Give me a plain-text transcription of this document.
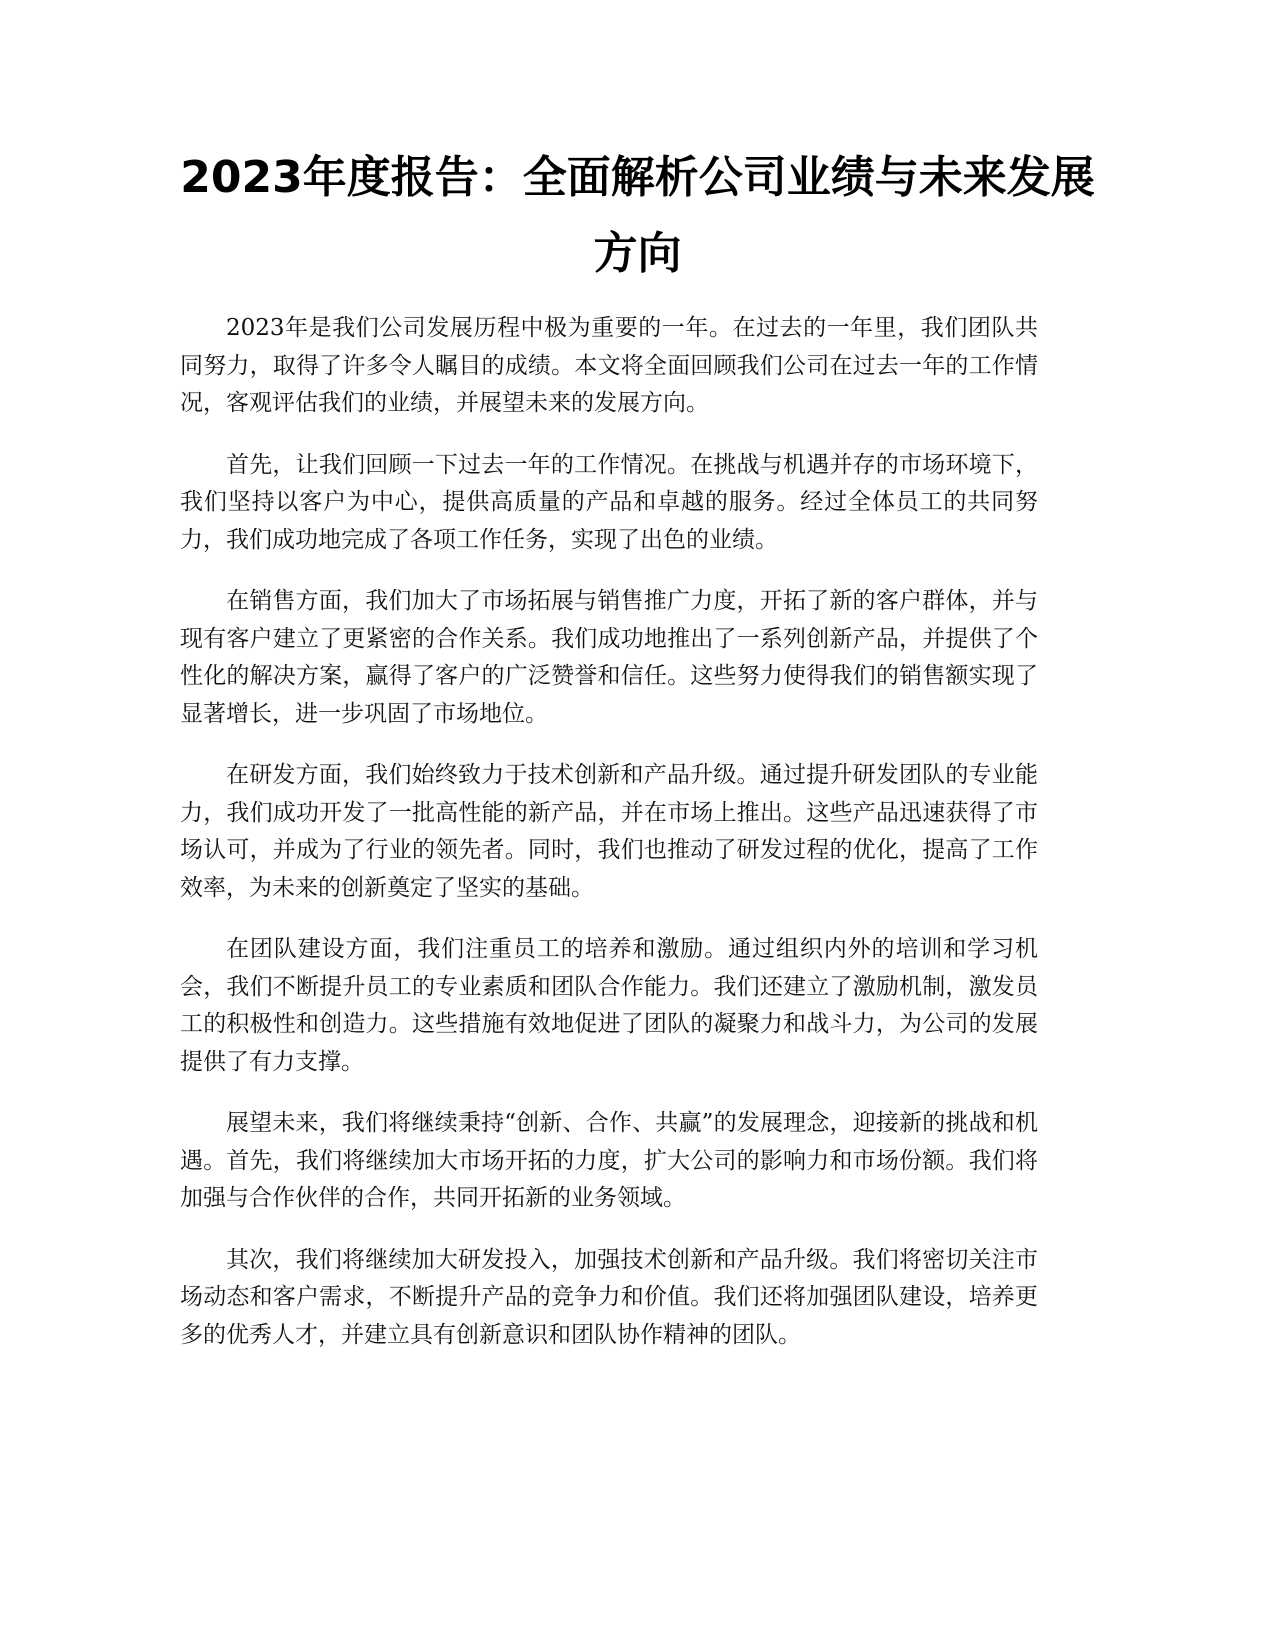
2023年度报告：全面解析公司业绩与未来发展方向

2023年是我们公司发展历程中极为重要的一年。在过去的一年里，我们团队共同努力，取得了许多令人瞩目的成绩。本文将全面回顾我们公司在过去一年的工作情况，客观评估我们的业绩，并展望未来的发展方向。

首先，让我们回顾一下过去一年的工作情况。在挑战与机遇并存的市场环境下，我们坚持以客户为中心，提供高质量的产品和卓越的服务。经过全体员工的共同努力，我们成功地完成了各项工作任务，实现了出色的业绩。

在销售方面，我们加大了市场拓展与销售推广力度，开拓了新的客户群体，并与现有客户建立了更紧密的合作关系。我们成功地推出了一系列创新产品，并提供了个性化的解决方案，赢得了客户的广泛赞誉和信任。这些努力使得我们的销售额实现了显著增长，进一步巩固了市场地位。

在研发方面，我们始终致力于技术创新和产品升级。通过提升研发团队的专业能力，我们成功开发了一批高性能的新产品，并在市场上推出。这些产品迅速获得了市场认可，并成为了行业的领先者。同时，我们也推动了研发过程的优化，提高了工作效率，为未来的创新奠定了坚实的基础。

在团队建设方面，我们注重员工的培养和激励。通过组织内外的培训和学习机会，我们不断提升员工的专业素质和团队合作能力。我们还建立了激励机制，激发员工的积极性和创造力。这些措施有效地促进了团队的凝聚力和战斗力，为公司的发展提供了有力支撑。

展望未来，我们将继续秉持“创新、合作、共赢”的发展理念，迎接新的挑战和机遇。首先，我们将继续加大市场开拓的力度，扩大公司的影响力和市场份额。我们将加强与合作伙伴的合作，共同开拓新的业务领域。

其次，我们将继续加大研发投入，加强技术创新和产品升级。我们将密切关注市场动态和客户需求，不断提升产品的竞争力和价值。我们还将加强团队建设，培养更多的优秀人才，并建立具有创新意识和团队协作精神的团队。
